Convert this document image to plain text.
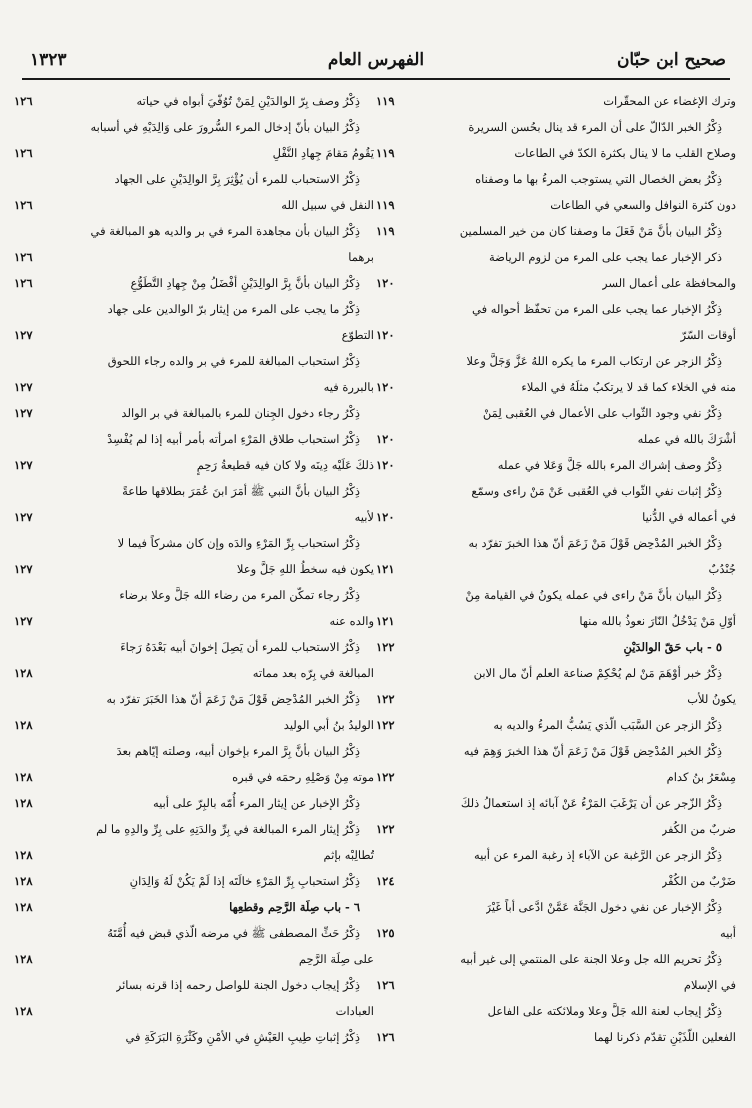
صحيح ابن حبّان
الفهرس العام
١٣٢٣
وترك الإغضاء عن المحقّرات
١١٩
ذِكْرُ الخبر الدّالّ على أن المرء قد ينال بحُسن السريرة
وصلاح القلب ما لا ينال بكثرة الكدّ في الطاعات
١١٩
ذِكْرُ بعض الخصال التي يستوجب المرءُ بها ما وصفناه
دون كثرة النوافل والسعي في الطاعات
١١٩
ذِكْرُ البيان بأنَّ مَنْ فَعَلَ ما وصفنا كان من خير المسلمين
١١٩
ذكر الإخبار عما يجب على المرء من لزوم الرياضة
والمحافظة على أعمال السر
١٢٠
ذِكْرُ الإخبار عما يجب على المرء من تحفّظ أحواله في
أوقات السّرّ
١٢٠
ذِكْرُ الزجر عن ارتكاب المرء ما يكره اللهُ عَزَّ وَجَلَّ وعلا
منه في الخلاء كما قد لا يرتكبُ مثلَهُ في الملاء
١٢٠
ذِكْرُ نفي وجود الثّواب على الأعمال في العُقبى لِمَنْ
أشْرَكَ بالله في عمله
١٢٠
ذِكْرُ وصف إشراك المرء بالله جَلَّ وَعَلا في عمله
١٢٠
ذِكْرُ إثبات نفي الثّواب في العُقبى عَنْ مَنْ راءى وسمّع
في أعماله في الدُّنيا
١٢٠
ذِكْرُ الخبر المُدْحِض قَوْلَ مَنْ زَعَمَ أنّ هذا الخبرَ تفرّد به
جُنْدُبٌ
١٢١
ذِكْرُ البيان بأنَّ مَنْ راءى في عمله يكونُ في القيامة مِنْ
أوّلِ مَنْ يَدْخُلُ النّارَ نعوذُ بالله منها
١٢١
٥ - باب حَقّ الوالدَيْنِ
١٢٢
ذِكْرُ خبر أوْهَمَ مَنْ لم يُحْكِمْ صناعة العلم أنّ مال الابن
يكونُ للأب
١٢٢
ذِكْرُ الزجر عن السَّبَب الّذي يَسُبُّ المرءُ والديه به
١٢٢
ذِكْرُ الخبر المُدْحِض قَوْلَ مَنْ زَعَمَ أنّ هذا الخبرَ وَهِمَ فيه
مِسْعَرُ بنُ كدام
١٢٢
ذِكْرُ الزّجر عن أن يَرْغَبَ المَرْءُ عَنْ آبائه إذ استعمالُ ذلكَ
ضربٌ من الكُفر
١٢٢
ذِكْرُ الزجر عن الرَّغبة عن الآباء إذ رغبة المرء عن أبيه
ضَرْبٌ من الكُفْر
١٢٤
ذِكْرُ الإخبار عن نفي دخول الجَنَّة عَمَّنْ ادَّعى أباً غَيْرَ
أبيه
١٢٥
ذِكْرُ تحريم الله جل وعلا الجنة على المنتمي إلى غير أبيه
في الإسلام
١٢٦
ذِكْرُ إيجاب لعنة الله جَلَّ وعلا وملائكته على الفاعل
الفعلين اللّذَيْنِ تقدّم ذكرنا لهما
١٢٦
ذِكْرُ وصف بِرّ الوالدَيْنِ لِمَنْ تُوُفّيَ أبواه في حياته
١٢٦
ذِكْرُ البيان بأنّ إدخال المرء السُّرورَ على وَالِدَيْهِ في أسبابه
يَقُومُ مَقامَ جِهادِ النَّفْلِ
١٢٦
ذِكْرُ الاستحباب للمرء أن يُؤْثِرَ بِرَّ الوالِدَيْنِ على الجهاد
النفل في سبيل الله
١٢٦
ذِكْرُ البيان بأن مجاهدة المرء في بر والديه هو المبالغة في
برهما
١٢٦
ذِكْرُ البيان بأنَّ بِرَّ الوالِدَيْنِ أفْضَلُ مِنْ جِهادِ التَّطَوُّعِ
١٢٦
ذِكْرُ ما يجب على المرء من إيثار برّ الوالدين على جهاد
التطوّع
١٢٧
ذِكْرُ استحباب المبالغة للمرء في بر والده رجاء اللحوق
بالبررة فيه
١٢٧
ذِكْرُ رجاء دخول الجِنان للمرء بالمبالغة في بر الوالد
١٢٧
ذِكْرُ استحباب طلاق المَرْءِ امرأته بأمر أبيه إذا لم يُفْسِدْ
ذلكَ عَلَيْه دِينَه ولا كان فيه قطيعةُ رَحِمٍ
١٢٧
ذِكْرُ البيان بأنَّ النبي ﷺ أمَرَ ابنَ عُمَرَ بطلاقها طاعةً
لأبيه
١٢٧
ذِكْرُ استحباب بِرِّ المَرْءِ والدَه وإن كان مشركاً فيما لا
يكون فيه سخطُ اللهِ جَلَّ وعلا
١٢٧
ذِكْرُ رجاء تمكّن المرء من رضاء الله جَلَّ وعلا برضاء
والده عنه
١٢٧
ذِكْرُ الاستحباب للمرء أن يَصِلَ إخوانَ أبيه بَعْدَهُ رَجاءَ
المبالغة في بِرّه بعد مماته
١٢٨
ذِكْرُ الخبر المُدْحِض قَوْلَ مَنْ زَعَمَ أنّ هذا الخَبَرَ تفرّد به
الوليدُ بنُ أبي الوليد
١٢٨
ذِكْرُ البيان بأنَّ بِرَّ المرء بإخوان أبيه، وصلته إيّاهم بعدَ
موته مِنْ وَصْلِهِ رحمَه في قبره
١٢٨
ذِكْرُ الإخبار عن إيثار المرء أُمّه بالبِرّ على أبيه
١٢٨
ذِكْرُ إيثار المرء المبالغة في بِرِّ والدَتِهِ على بِرِّ والدِهِ ما لم
تُطالِبْه بإثم
١٢٨
ذِكْرُ استحبابِ بِرِّ المَرْءِ خالَتَه إذا لَمْ يَكُنْ لَهُ وَالِدَانِ
١٢٨
٦ - باب صِلَة الرَّحِم وقطعِها
١٢٨
ذِكْرُ حَثِّ المصطفى ﷺ في مرضه الّذي قبض فيه أُمَّتَهُ
على صِلَة الرَّحِم
١٢٨
ذِكْرُ إيجاب دخول الجنة للواصل رحمه إذا قرنه بسائر
العبادات
١٢٨
ذِكْرُ إثباتِ طِيبِ العَيْشِ في الأمْنِ وكَثْرَةِ البَرَكَةِ في
